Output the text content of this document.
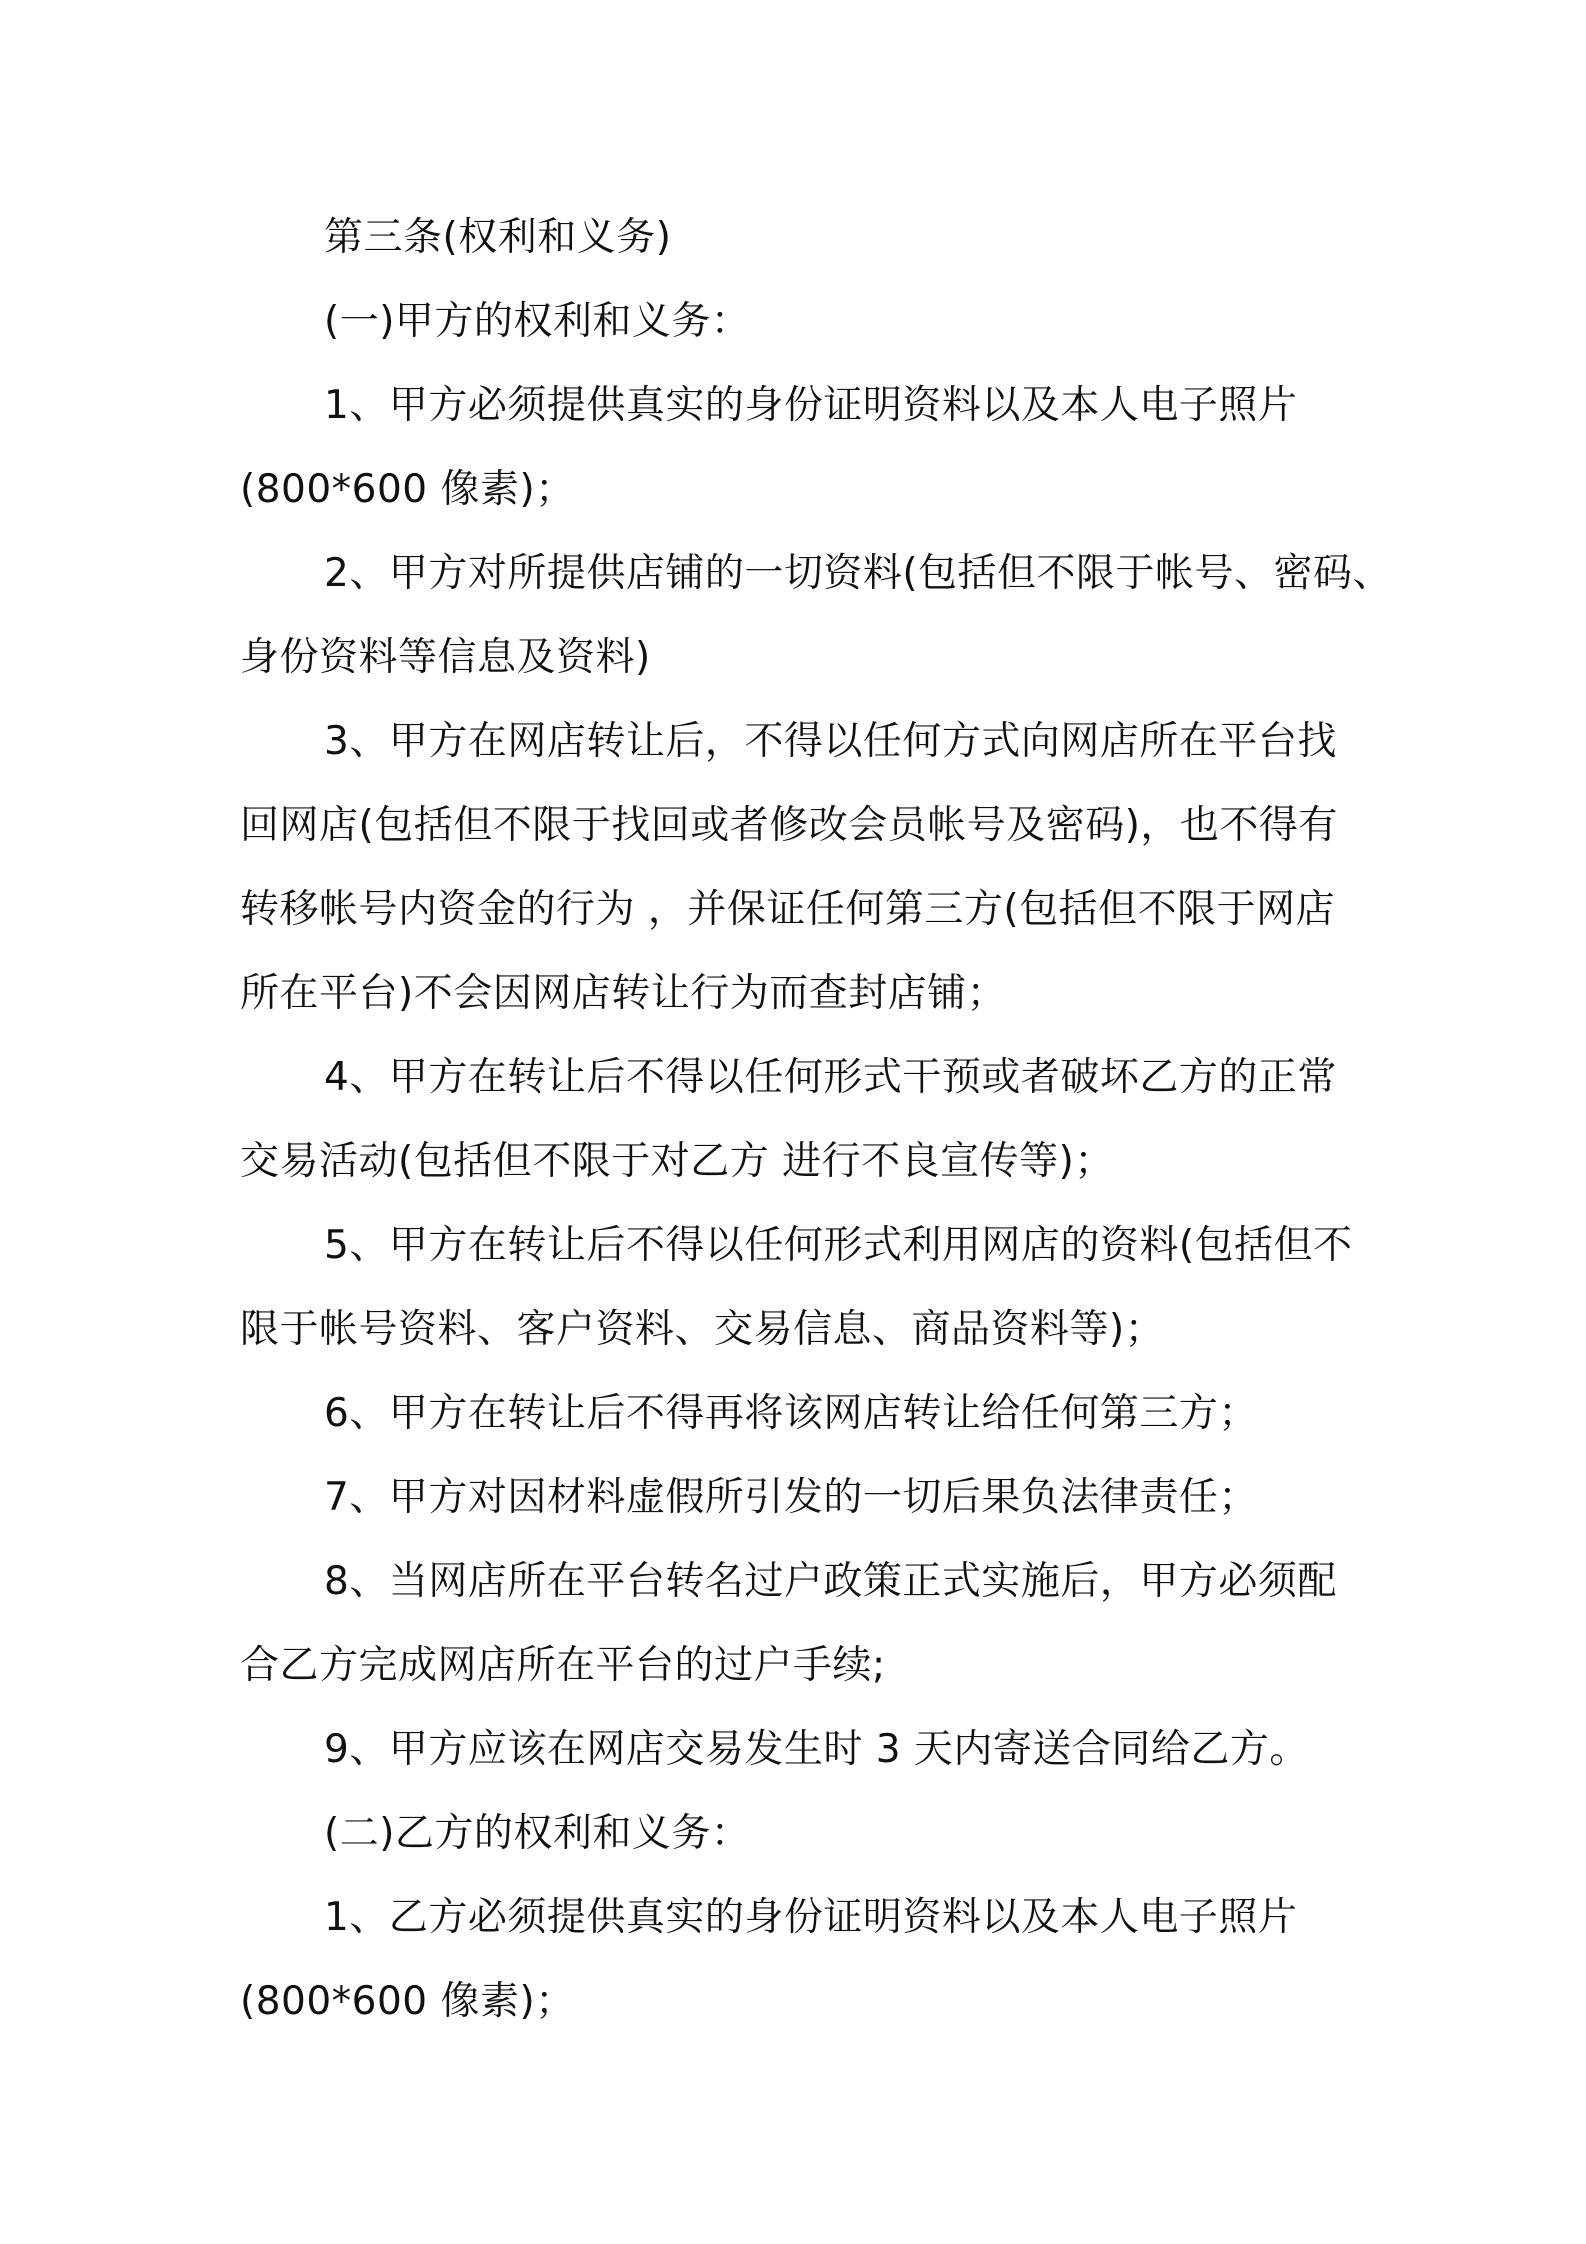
第三条(权利和义务)
(一)甲方的权利和义务：
1、甲方必须提供真实的身份证明资料以及本人电子照片
(800*600 像素)；
2、甲方对所提供店铺的一切资料(包括但不限于帐号、密码、
身份资料等信息及资料)
3、甲方在网店转让后，不得以任何方式向网店所在平台找
回网店(包括但不限于找回或者修改会员帐号及密码)，也不得有
转移帐号内资金的行为 ，并保证任何第三方(包括但不限于网店
所在平台)不会因网店转让行为而查封店铺；
4、甲方在转让后不得以任何形式干预或者破坏乙方的正常
交易活动(包括但不限于对乙方 进行不良宣传等)；
5、甲方在转让后不得以任何形式利用网店的资料(包括但不
限于帐号资料、客户资料、交易信息、商品资料等)；
6、甲方在转让后不得再将该网店转让给任何第三方；
7、甲方对因材料虚假所引发的一切后果负法律责任；
8、当网店所在平台转名过户政策正式实施后，甲方必须配
合乙方完成网店所在平台的过户手续;
9、甲方应该在网店交易发生时 3 天内寄送合同给乙方。
(二)乙方的权利和义务：
1、乙方必须提供真实的身份证明资料以及本人电子照片
(800*600 像素)；
